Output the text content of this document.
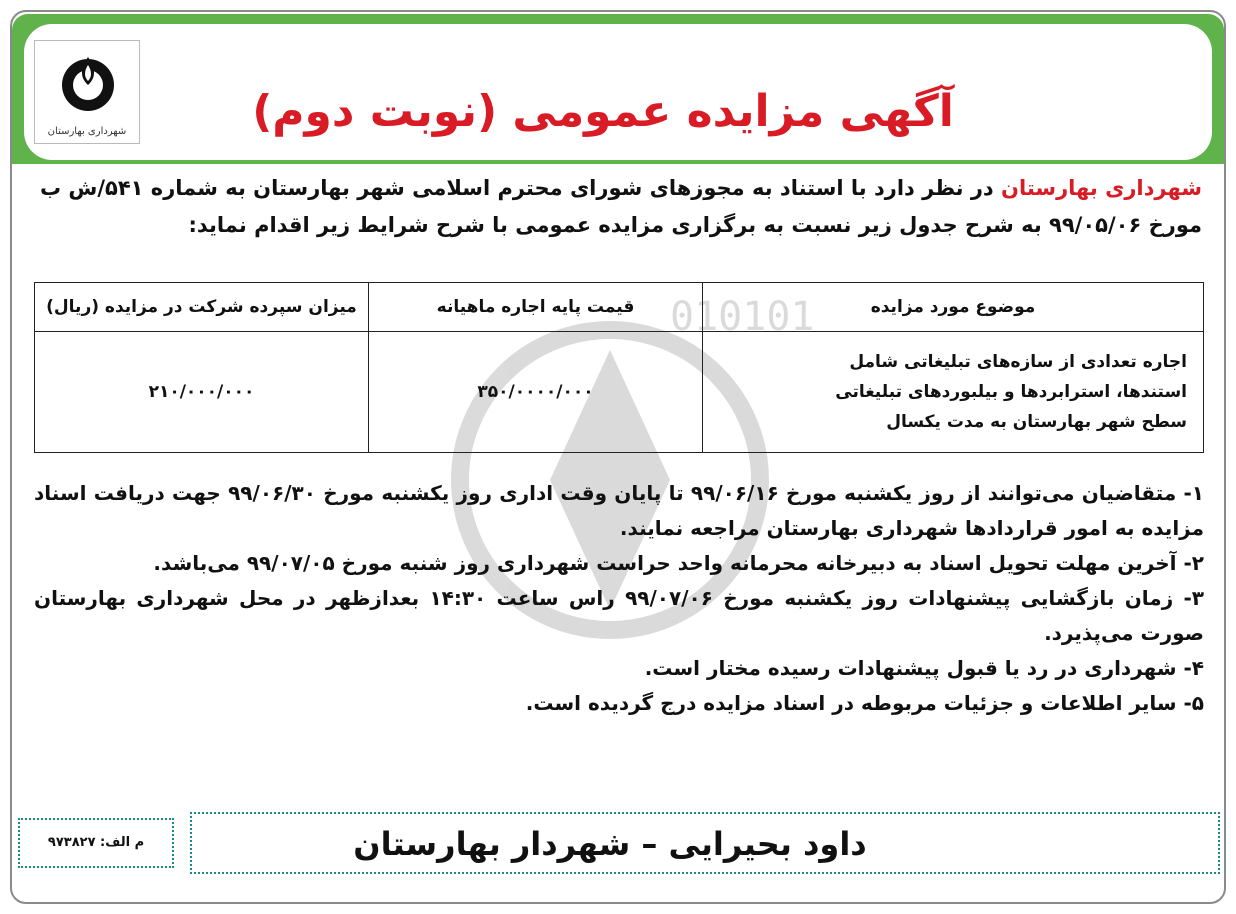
شهرداری بهارستان	آگهی مزایده عمومی (نوبت دوم)
شهرداری بهارستان در نظر دارد با استناد به مجوزهای شورای محترم اسلامی شهر بهارستان به شماره ۵۴۱/ش ب
مورخ ۹۹/۰۵/۰۶ به شرح جدول زیر نسبت به برگزاری مزایده عمومی با شرح شرایط زیر اقدام نماید:
موضوع مورد مزایده	قیمت پایه اجاره ماهیانه	میزان سپرده شرکت در مزایده (ریال)
اجاره تعدادی از سازه‌های تبلیغاتی شامل
استندها، استرابردها و بیلبوردهای تبلیغاتی
سطح شهر بهارستان به مدت یکسال	۳۵۰/۰۰۰۰/۰۰۰	۲۱۰/۰۰۰/۰۰۰

۱- متقاضیان می‌توانند از روز یکشنبه مورخ ۹۹/۰۶/۱۶ تا پایان وقت اداری روز یکشنبه مورخ ۹۹/۰۶/۳۰ جهت دریافت اسناد مزایده به امور قراردادها شهرداری بهارستان مراجعه نمایند.

۲- آخرین مهلت تحویل اسناد به دبیرخانه محرمانه واحد حراست شهرداری روز شنبه مورخ ۹۹/۰۷/۰۵ می‌باشد.

۳- زمان بازگشایی پیشنهادات روز یکشنبه مورخ ۹۹/۰۷/۰۶ راس ساعت ۱۴:۳۰ بعدازظهر در محل شهرداری بهارستان صورت می‌پذیرد.

۴- شهرداری در رد یا قبول پیشنهادات رسیده مختار است.

۵- سایر اطلاعات و جزئیات مربوطه در اسناد مزایده درج گردیده است.

داود بحیرایی – شهردار بهارستان
م الف: ۹۷۳۸۲۷
